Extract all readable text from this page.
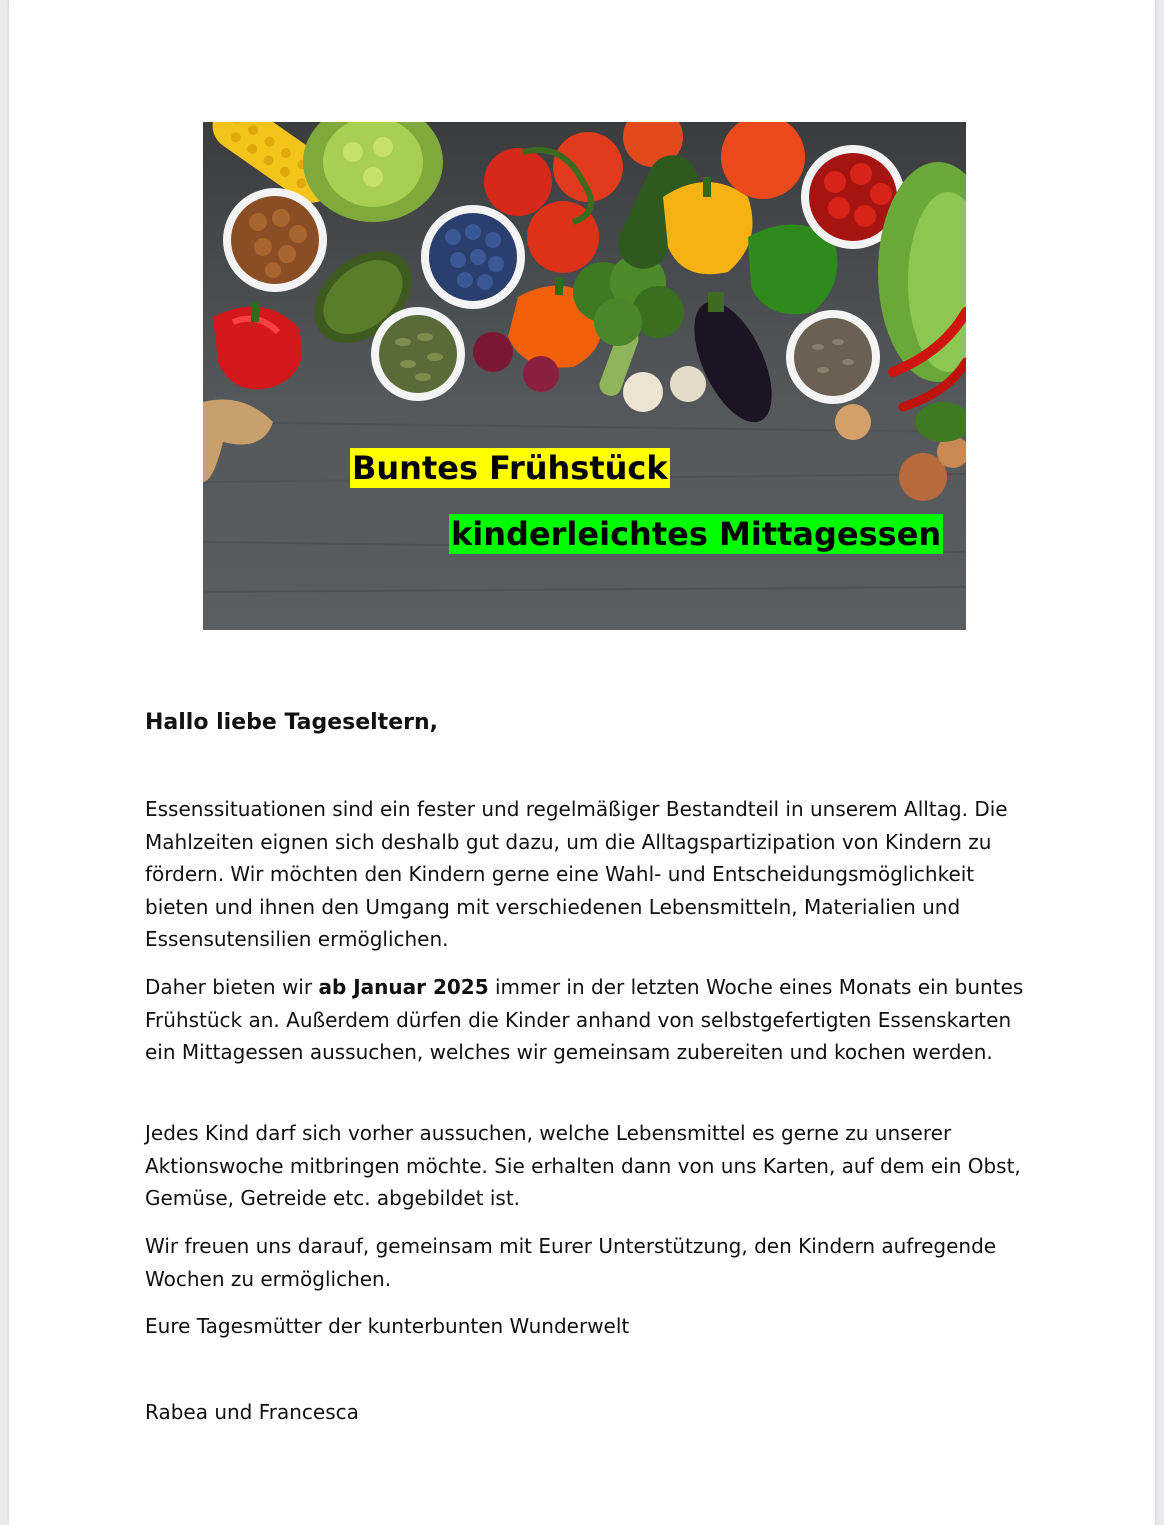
Buntes Frühstück
kinderleichtes Mittagessen

Hallo liebe Tageseltern,

Essenssituationen sind ein fester und regelmäßiger Bestandteil in unserem Alltag. Die Mahlzeiten eignen sich deshalb gut dazu, um die Alltagspartizipation von Kindern zu fördern. Wir möchten den Kindern gerne eine Wahl- und Entscheidungsmöglichkeit bieten und ihnen den Umgang mit verschiedenen Lebensmitteln, Materialien und Essensutensilien ermöglichen.

Daher bieten wir ab Januar 2025 immer in der letzten Woche eines Monats ein buntes Frühstück an. Außerdem dürfen die Kinder anhand von selbstgefertigten Essenskarten ein Mittagessen aussuchen, welches wir gemeinsam zubereiten und kochen werden.

Jedes Kind darf sich vorher aussuchen, welche Lebensmittel es gerne zu unserer Aktionswoche mitbringen möchte. Sie erhalten dann von uns Karten, auf dem ein Obst, Gemüse, Getreide etc. abgebildet ist.

Wir freuen uns darauf, gemeinsam mit Eurer Unterstützung, den Kindern aufregende Wochen zu ermöglichen.

Eure Tagesmütter der kunterbunten Wunderwelt

Rabea und Francesca
